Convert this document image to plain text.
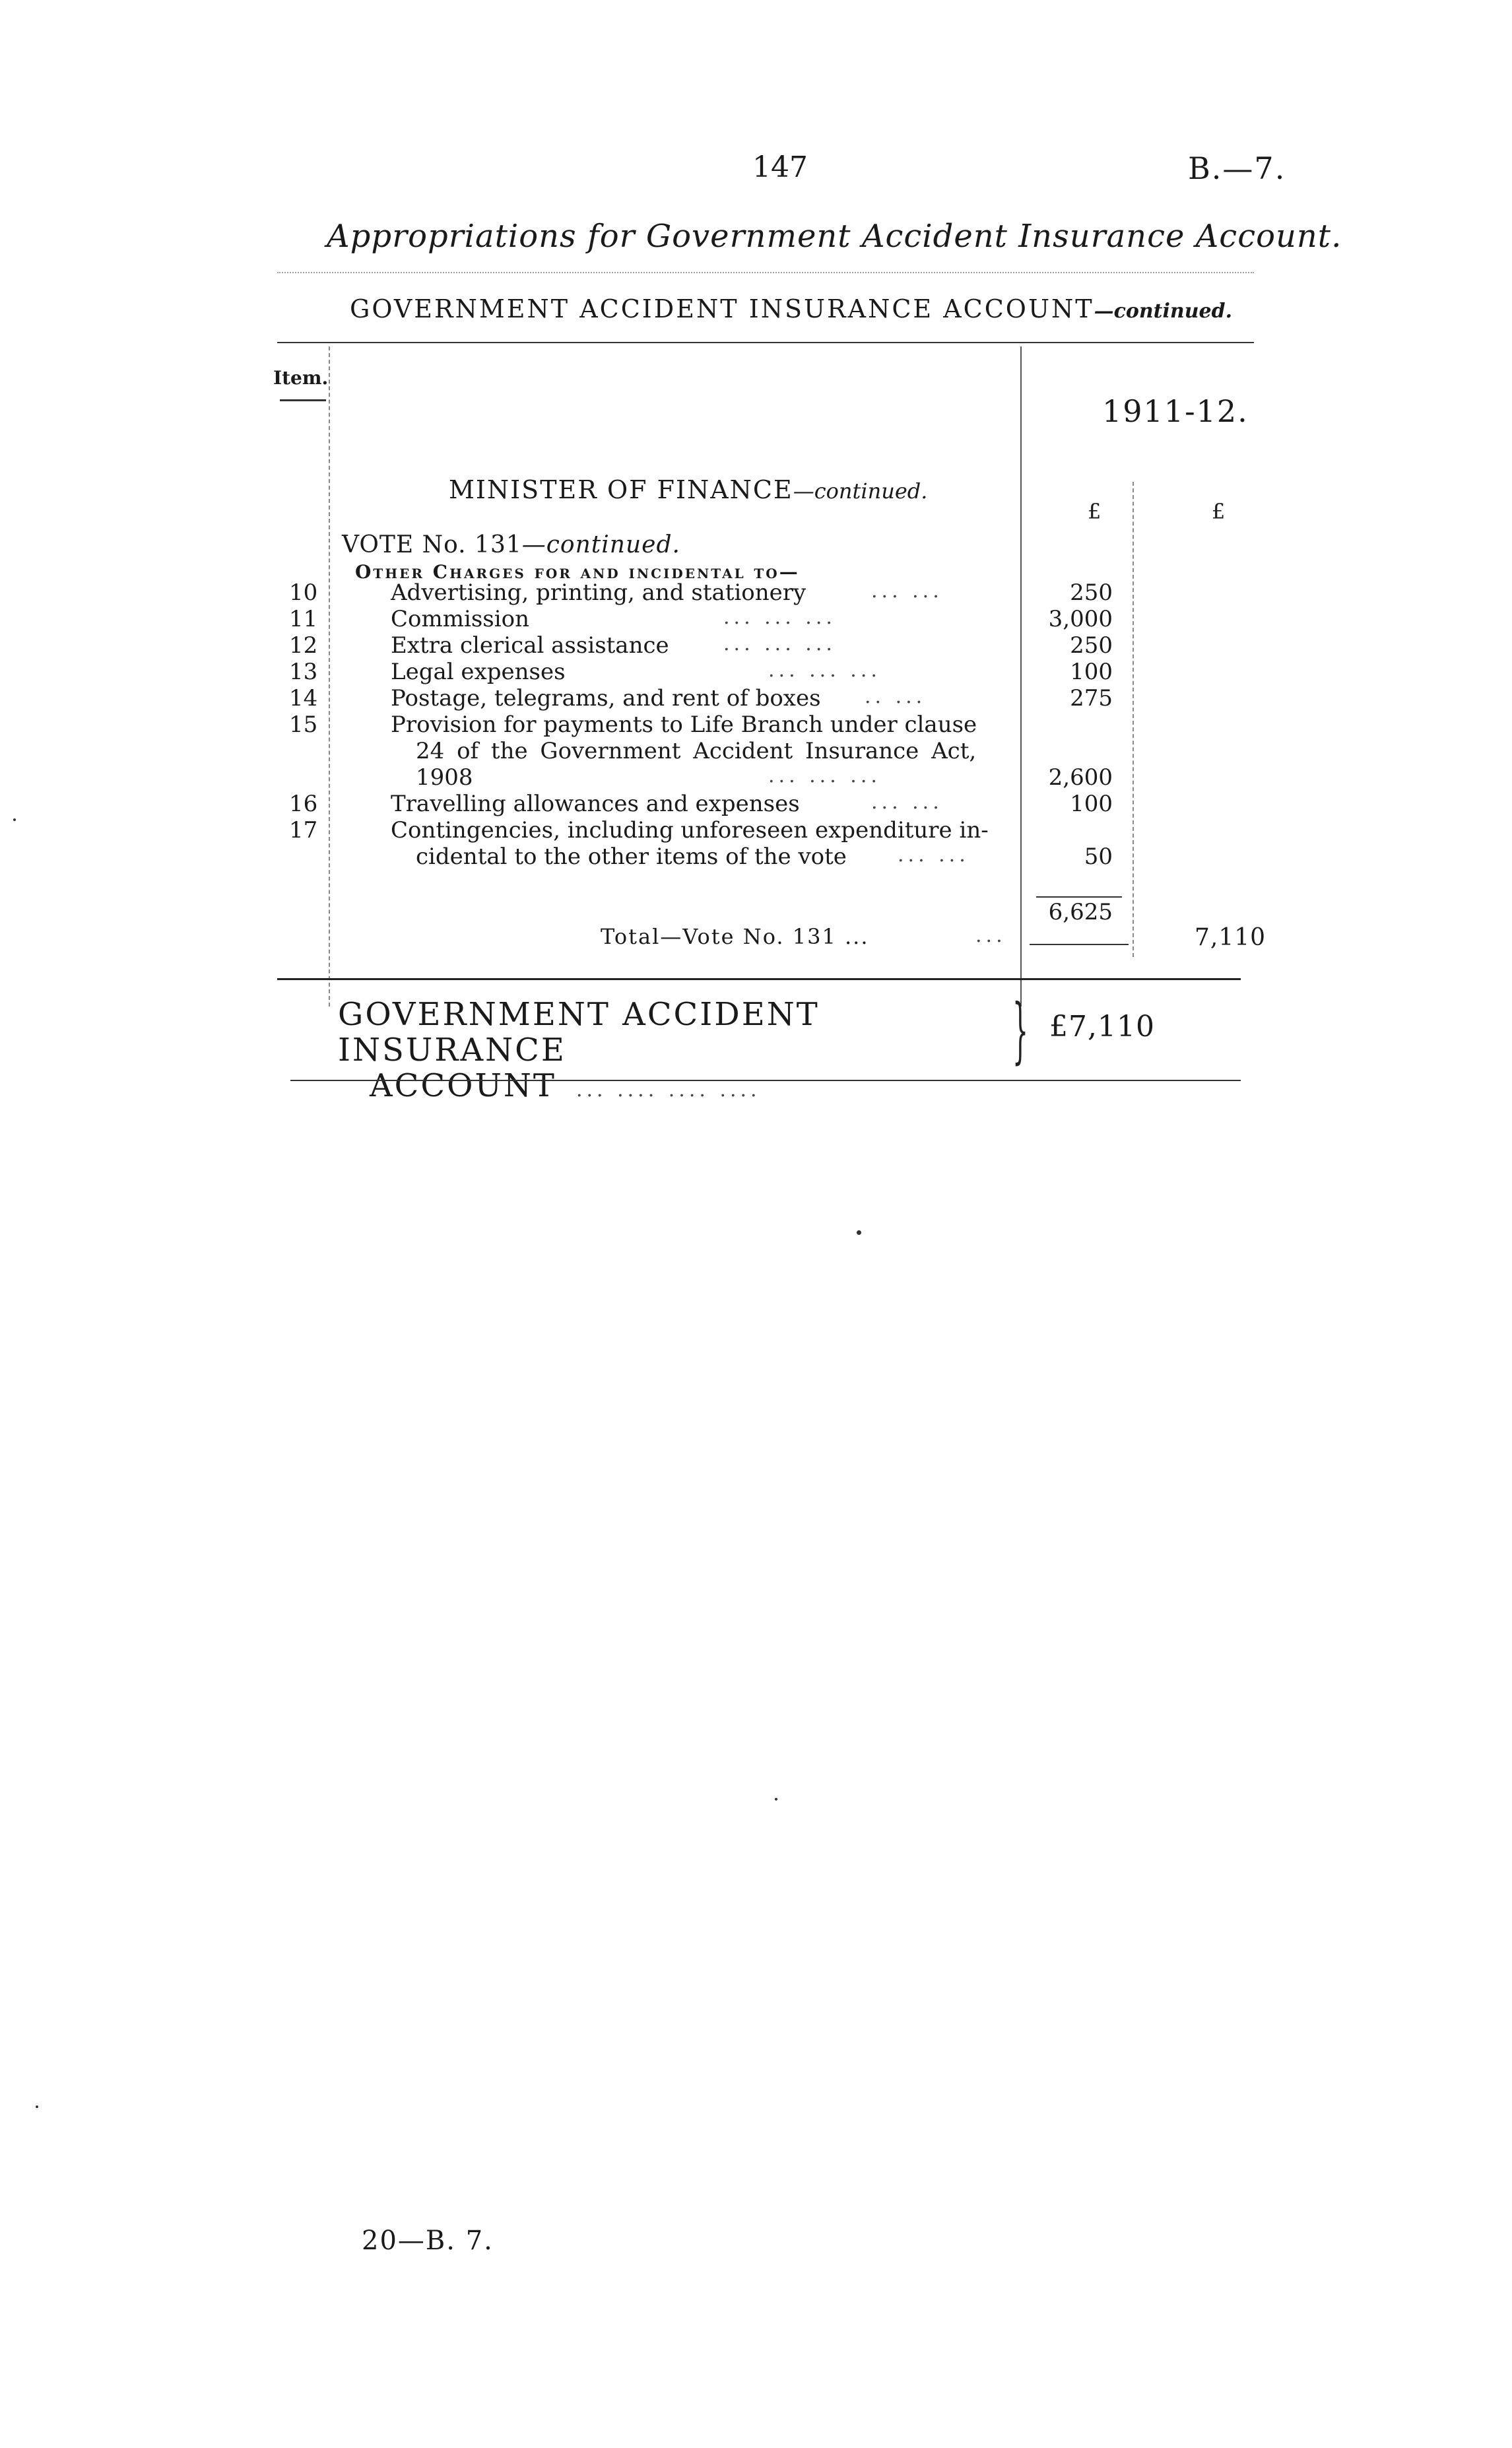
147	B.—7.
Appropriations for Government Accident Insurance Account.
GOVERNMENT ACCIDENT INSURANCE ACCOUNT—continued.
Item.
1911-12.
MINISTER OF FINANCE—continued.
£	£
VOTE No. 131—continued.
Other Charges for and incidental to—
10	Advertising, printing, and stationery	... ...	250
11	Commission	... ... ...	3,000
12	Extra clerical assistance	... ... ...	250
13	Legal expenses	... ... ...	100
14	Postage, telegrams, and rent of boxes .. ...	275
15	Provision for payments to Life Branch under clause
24 of the Government Accident Insurance Act,
1908	... ... ...	2,600
16	Travelling allowances and expenses	... ...	100
17	Contingencies, including unforeseen expenditure in-
cidental to the other items of the vote	... ...	50
6,625
Total—Vote No. 131 ...	...	7,110
GOVERNMENT ACCIDENT INSURANCE
ACCOUNT ... .... .... ....
} £7,110
20—B. 7.
